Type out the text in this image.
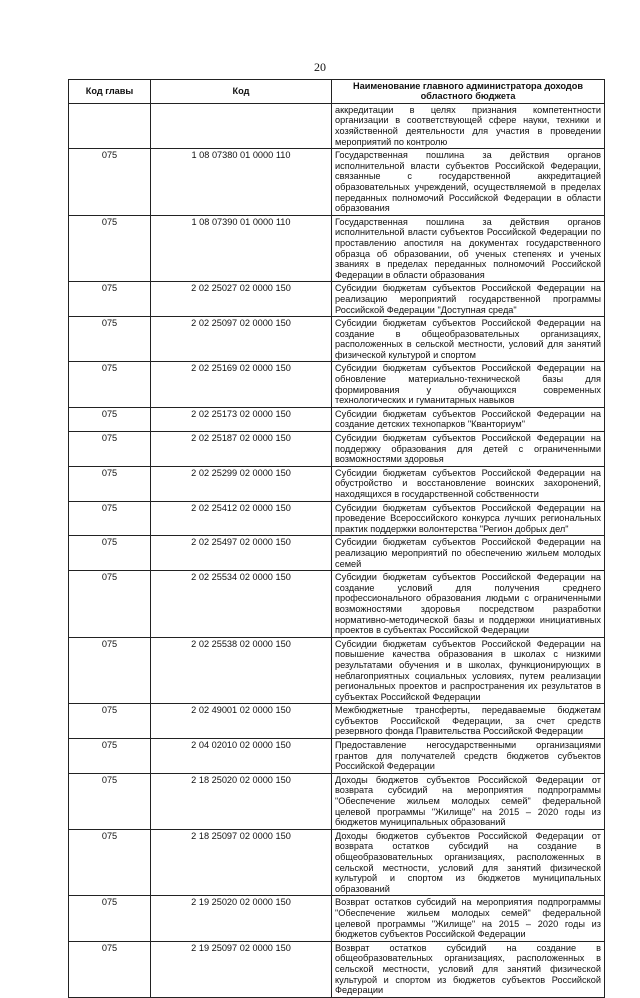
20
Код главы	Код	Наименование главного администратора доходов областного бюджета
		аккредитации в целях признания компетентности организации в соответствующей сфере науки, техники и хозяйственной деятельности для участия в проведении мероприятий по контролю
075	1 08 07380 01 0000 110	Государственная пошлина за действия органов исполнительной власти субъектов Российской Федерации, связанные с государственной аккредитацией образовательных учреждений, осуществляемой в пределах переданных полномочий Российской Федерации в области образования
075	1 08 07390 01 0000 110	Государственная пошлина за действия органов исполнительной власти субъектов Российской Федерации по проставлению апостиля на документах государственного образца об образовании, об ученых степенях и ученых званиях в пределах переданных полномочий Российской Федерации в области образования
075	2 02 25027 02 0000 150	Субсидии бюджетам субъектов Российской Федерации на реализацию мероприятий государственной программы Российской Федерации "Доступная среда"
075	2 02 25097 02 0000 150	Субсидии бюджетам субъектов Российской Федерации на создание в общеобразовательных организациях, расположенных в сельской местности, условий для занятий физической культурой и спортом
075	2 02 25169 02 0000 150	Субсидии бюджетам субъектов Российской Федерации на обновление материально-технической базы для формирования у обучающихся современных технологических и гуманитарных навыков
075	2 02 25173 02 0000 150	Субсидии бюджетам субъектов Российской Федерации на создание детских технопарков "Кванториум"
075	2 02 25187 02 0000 150	Субсидии бюджетам субъектов Российской Федерации на поддержку образования для детей с ограниченными возможностями здоровья
075	2 02 25299 02 0000 150	Субсидии бюджетам субъектов Российской Федерации на обустройство и восстановление воинских захоронений, находящихся в государственной собственности
075	2 02 25412 02 0000 150	Субсидии бюджетам субъектов Российской Федерации на проведение Всероссийского конкурса лучших региональных практик поддержки волонтерства "Регион добрых дел"
075	2 02 25497 02 0000 150	Субсидии бюджетам субъектов Российской Федерации на реализацию мероприятий по обеспечению жильем молодых семей
075	2 02 25534 02 0000 150	Субсидии бюджетам субъектов Российской Федерации на создание условий для получения среднего профессионального образования людьми с ограниченными возможностями здоровья посредством разработки нормативно-методической базы и поддержки инициативных проектов в субъектах Российской Федерации
075	2 02 25538 02 0000 150	Субсидии бюджетам субъектов Российской Федерации на повышение качества образования в школах с низкими результатами обучения и в школах, функционирующих в неблагоприятных социальных условиях, путем реализации региональных проектов и распространения их результатов в субъектах Российской Федерации
075	2 02 49001 02 0000 150	Межбюджетные трансферты, передаваемые бюджетам субъектов Российской Федерации, за счет средств резервного фонда Правительства Российской Федерации
075	2 04 02010 02 0000 150	Предоставление негосударственными организациями грантов для получателей средств бюджетов субъектов Российской Федерации
075	2 18 25020 02 0000 150	Доходы бюджетов субъектов Российской Федерации от возврата субсидий на мероприятия подпрограммы "Обеспечение жильем молодых семей" федеральной целевой программы "Жилище" на 2015 – 2020 годы из бюджетов муниципальных образований
075	2 18 25097 02 0000 150	Доходы бюджетов субъектов Российской Федерации от возврата остатков субсидий на создание в общеобразовательных организациях, расположенных в сельской местности, условий для занятий физической культурой и спортом из бюджетов муниципальных образований
075	2 19 25020 02 0000 150	Возврат остатков субсидий на мероприятия подпрограммы "Обеспечение жильем молодых семей" федеральной целевой программы "Жилище" на 2015 – 2020 годы из бюджетов субъектов Российской Федерации
075	2 19 25097 02 0000 150	Возврат остатков субсидий на создание в общеобразовательных организациях, расположенных в сельской местности, условий для занятий физической культурой и спортом из бюджетов субъектов Российской Федерации
